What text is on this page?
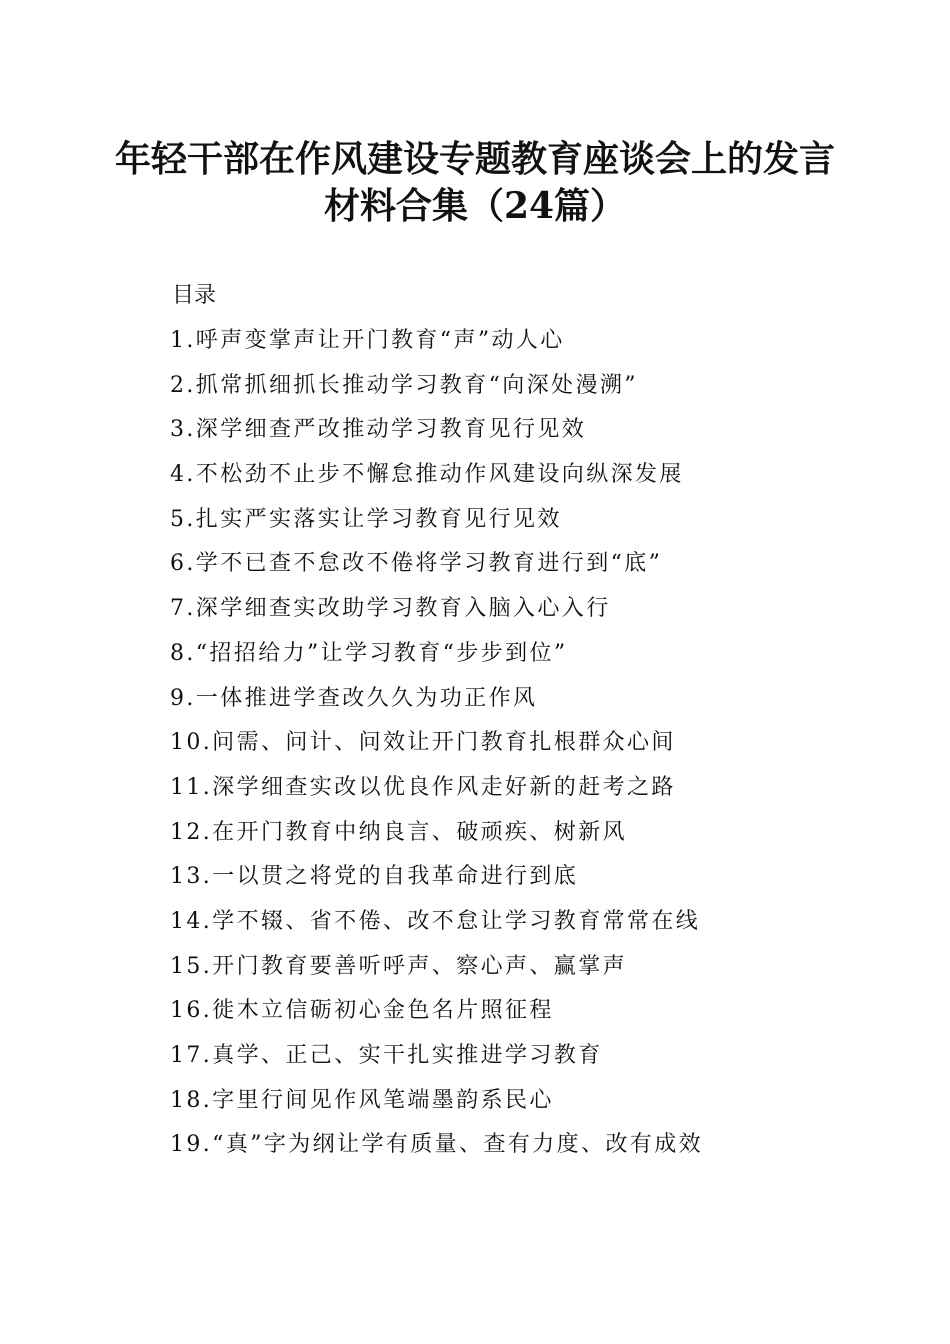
年轻干部在作风建设专题教育座谈会上的发言
材料合集（24篇）
目录
1.呼声变掌声让开门教育“声”动人心
2.抓常抓细抓长推动学习教育“向深处漫溯”
3.深学细查严改推动学习教育见行见效
4.不松劲不止步不懈怠推动作风建设向纵深发展
5.扎实严实落实让学习教育见行见效
6.学不已查不怠改不倦将学习教育进行到“底”
7.深学细查实改助学习教育入脑入心入行
8.“招招给力”让学习教育“步步到位”
9.一体推进学查改久久为功正作风
10.问需、问计、问效让开门教育扎根群众心间
11.深学细查实改以优良作风走好新的赶考之路
12.在开门教育中纳良言、破顽疾、树新风
13.一以贯之将党的自我革命进行到底
14.学不辍、省不倦、改不怠让学习教育常常在线
15.开门教育要善听呼声、察心声、赢掌声
16.徙木立信砺初心金色名片照征程
17.真学、正己、实干扎实推进学习教育
18.字里行间见作风笔端墨韵系民心
19.“真”字为纲让学有质量、查有力度、改有成效
